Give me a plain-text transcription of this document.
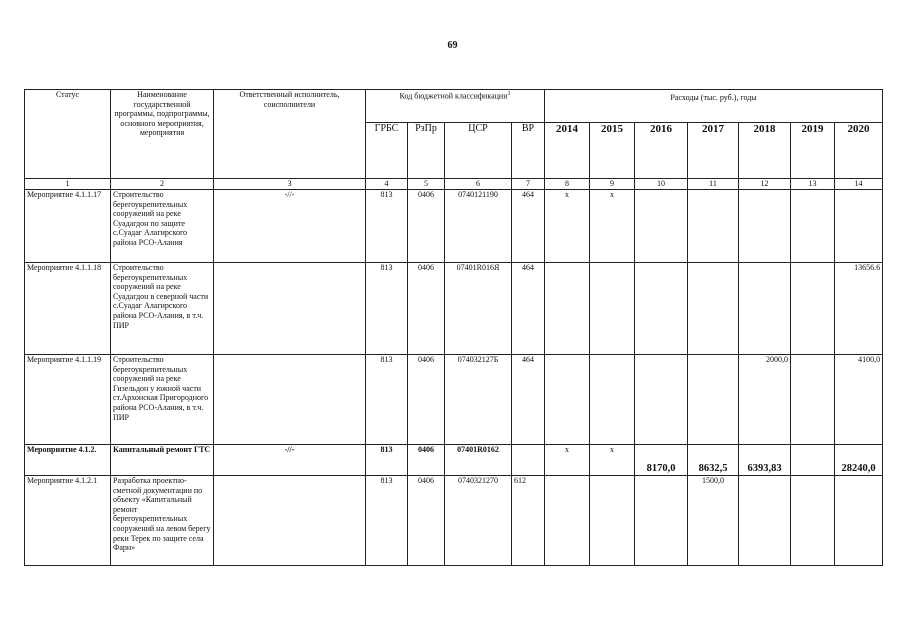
69
Статус	Наименование государственной программы, подпрограммы, основного мероприятия, мероприятия	Ответственный исполнитель, соисполнители	Код бюджетной классификации$^1$				Расходы (тыс. руб.), годы						
			ГРБС	РзПр	ЦСР	ВР	2014	2015	2016	2017	2018	2019	2020
1	2	3	4	5	6	7	8	9	10	11	12	13	14
Мероприятие 4.1.1.17	Строительство берегоукрепительных сооружений на реке Суадагдон по защите с.Суадаг Алагирского района РСО-Алания	-//-	813	0406	0740121190	464	x	x					
Мероприятие 4.1.1.18	Строительство берегоукрепительных сооружений на реке Суадагдон в северной части с.Суадаг Алагирского района РСО-Алания, в т.ч. ПИР		813	0406	07401R016Я	464							13656.6
Мероприятие 4.1.1.19	Строительство берегоукрепительных сооружений на реке Гизельдон у южной части ст.Архонская Пригородного района РСО-Алания, в т.ч. ПИР		813	0406	074032127Б	464					2000,0		4100,0
Мероприятие 4.1.2.	Капитальный ремонт ГТС	-//-	813	0406	07401R0162		x	x	8170,0	8632,5	6393,83		28240,0
Мероприятие 4.1.2.1	Разработка проектно-сметной документации по объекту «Капитальный ремонт берегоукрепительных сооружений на левом берегу реки Терек по защите села Фарн»		813	0406	0740321270	612				1500,0			
